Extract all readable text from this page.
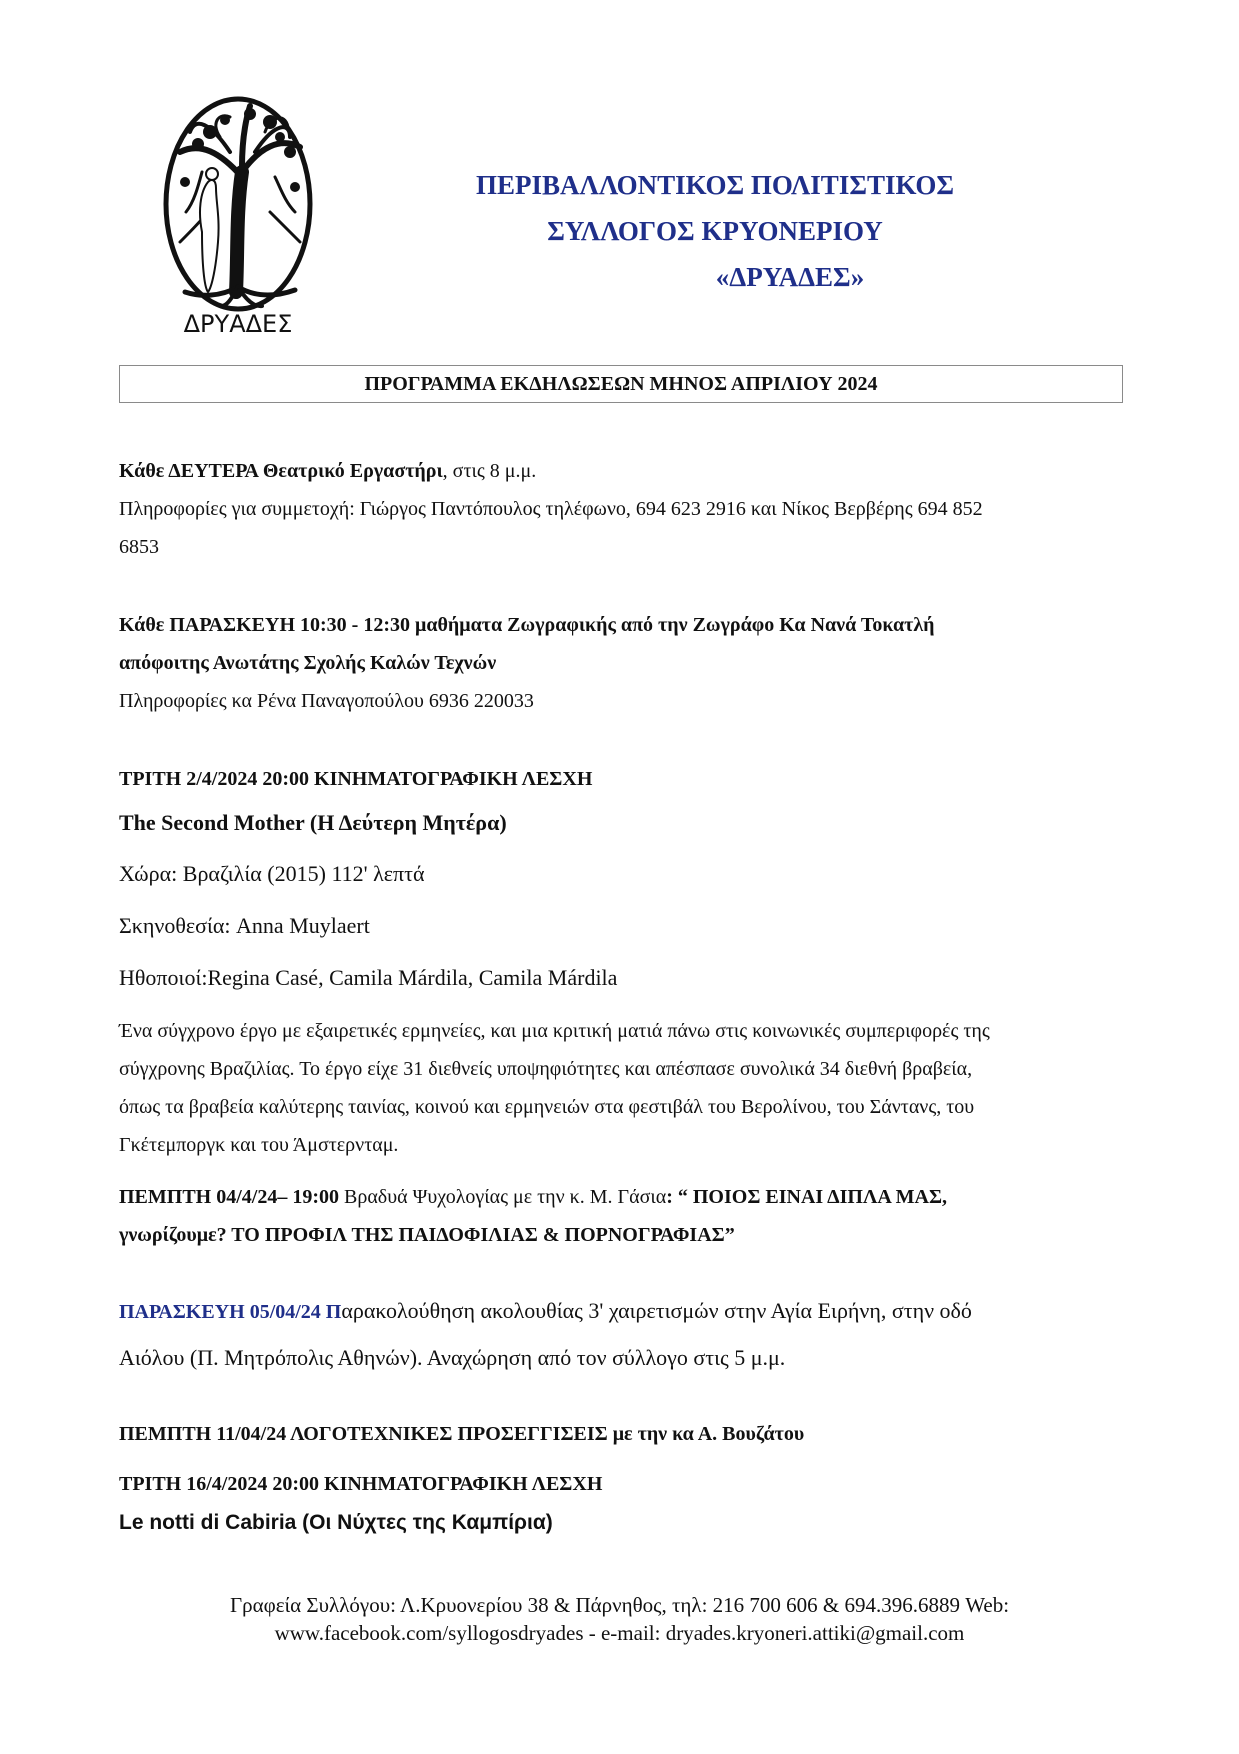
ΔΡΥΑΔΕΣ
ΠΕΡΙΒΑΛΛΟΝΤΙΚΟΣ ΠΟΛΙΤΙΣΤΙΚΟΣ
ΣΥΛΛΟΓΟΣ ΚΡΥΟΝΕΡΙΟΥ
«ΔΡΥΑΔΕΣ»
ΠΡΟΓΡΑΜΜΑ ΕΚΔΗΛΩΣΕΩΝ ΜΗΝΟΣ ΑΠΡΙΛΙΟΥ 2024

Κάθε ΔΕΥΤΕΡΑ Θεατρικό Εργαστήρι, στις 8 μ.μ.

Πληροφορίες για συμμετοχή: Γιώργος Παντόπουλος τηλέφωνο, 694 623 2916 και Νίκος Βερβέρης 694 852

6853

Κάθε ΠΑΡΑΣΚΕΥΗ 10:30 - 12:30 μαθήματα Ζωγραφικής από την Ζωγράφο Κα Νανά Τοκατλή

απόφοιτης Ανωτάτης Σχολής Καλών Τεχνών

Πληροφορίες κα Ρένα Παναγοπούλου 6936 220033

ΤΡΙΤΗ 2/4/2024 20:00 ΚΙΝΗΜΑΤΟΓΡΑΦΙΚΗ ΛΕΣΧΗ

The Second Mother (Η Δεύτερη Μητέρα)

Χώρα: Βραζιλία (2015) 112' λεπτά

Σκηνοθεσία: Anna Muylaert

Ηθοποιοί:Regina Casé, Camila Márdila, Camila Márdila

Ένα σύγχρονο έργο με εξαιρετικές ερμηνείες, και μια κριτική ματιά πάνω στις κοινωνικές συμπεριφορές της

σύγχρονης Βραζιλίας. Το έργο είχε 31 διεθνείς υποψηφιότητες και απέσπασε συνολικά 34 διεθνή βραβεία,

όπως τα βραβεία καλύτερης ταινίας, κοινού και ερμηνειών στα φεστιβάλ του Βερολίνου, του Σάντανς, του

Γκέτεμποργκ και του Άμστερνταμ.

ΠΕΜΠΤΗ 04/4/24– 19:00 Βραδυά Ψυχολογίας με την κ. Μ. Γάσια: “ ΠΟΙΟΣ ΕΙΝΑΙ ΔΙΠΛΑ ΜΑΣ,

γνωρίζουμε? ΤΟ ΠΡΟΦΙΛ ΤΗΣ ΠΑΙΔΟΦΙΛΙΑΣ & ΠΟΡΝΟΓΡΑΦΙΑΣ”

ΠΑΡΑΣΚΕΥΗ 05/04/24 Παρακολούθηση ακολουθίας 3' χαιρετισμών στην Αγία Ειρήνη, στην οδό

Αιόλου (Π. Μητρόπολις Αθηνών). Αναχώρηση από τον σύλλογο στις 5 μ.μ.

ΠΕΜΠΤΗ 11/04/24 ΛΟΓΟΤΕΧΝΙΚΕΣ ΠΡΟΣΕΓΓΙΣΕΙΣ με την κα Α. Βουζάτου

ΤΡΙΤΗ 16/4/2024 20:00 ΚΙΝΗΜΑΤΟΓΡΑΦΙΚΗ ΛΕΣΧΗ

Le notti di Cabiria (Οι Νύχτες της Καμπίρια)

Γραφεία Συλλόγου: Λ.Κρυονερίου 38 & Πάρνηθος, τηλ: 216 700 606 & 694.396.6889 Web:
www.facebook.com/syllogosdryades - e-mail: dryades.kryoneri.attiki@gmail.com
